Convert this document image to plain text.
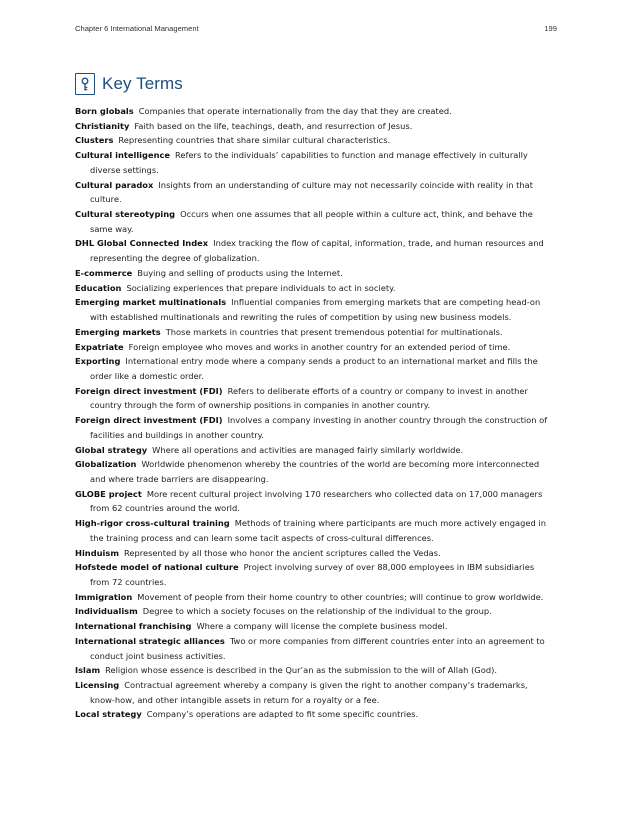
Chapter 6 International Management	199
Key Terms
Born globals Companies that operate internationally from the day that they are created.
Christianity Faith based on the life, teachings, death, and resurrection of Jesus.
Clusters Representing countries that share similar cultural characteristics.
Cultural intelligence Refers to the individuals’ capabilities to function and manage effectively in culturally diverse settings.
Cultural paradox Insights from an understanding of culture may not necessarily coincide with reality in that culture.
Cultural stereotyping Occurs when one assumes that all people within a culture act, think, and behave the same way.
DHL Global Connected Index Index tracking the flow of capital, information, trade, and human resources and representing the degree of globalization.
E-commerce Buying and selling of products using the Internet.
Education Socializing experiences that prepare individuals to act in society.
Emerging market multinationals Influential companies from emerging markets that are competing head-on with established multinationals and rewriting the rules of competition by using new business models.
Emerging markets Those markets in countries that present tremendous potential for multinationals.
Expatriate Foreign employee who moves and works in another country for an extended period of time.
Exporting International entry mode where a company sends a product to an international market and fills the order like a domestic order.
Foreign direct investment (FDI) Refers to deliberate efforts of a country or company to invest in another country through the form of ownership positions in companies in another country.
Foreign direct investment (FDI) Involves a company investing in another country through the construction of facilities and buildings in another country.
Global strategy Where all operations and activities are managed fairly similarly worldwide.
Globalization Worldwide phenomenon whereby the countries of the world are becoming more interconnected and where trade barriers are disappearing.
GLOBE project More recent cultural project involving 170 researchers who collected data on 17,000 managers from 62 countries around the world.
High-rigor cross-cultural training Methods of training where participants are much more actively engaged in the training process and can learn some tacit aspects of cross-cultural differences.
Hinduism Represented by all those who honor the ancient scriptures called the Vedas.
Hofstede model of national culture Project involving survey of over 88,000 employees in IBM subsidiaries from 72 countries.
Immigration Movement of people from their home country to other countries; will continue to grow worldwide.
Individualism Degree to which a society focuses on the relationship of the individual to the group.
International franchising Where a company will license the complete business model.
International strategic alliances Two or more companies from different countries enter into an agreement to conduct joint business activities.
Islam Religion whose essence is described in the Qur’an as the submission to the will of Allah (God).
Licensing Contractual agreement whereby a company is given the right to another company’s trademarks, know-how, and other intangible assets in return for a royalty or a fee.
Local strategy Company’s operations are adapted to fit some specific countries.
